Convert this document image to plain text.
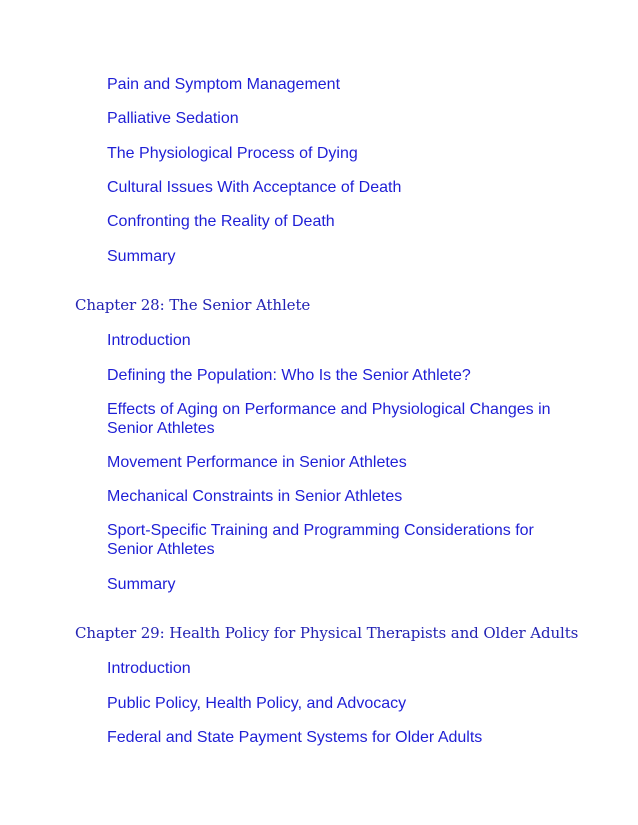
Pain and Symptom Management
Palliative Sedation
The Physiological Process of Dying
Cultural Issues With Acceptance of Death
Confronting the Reality of Death
Summary
Chapter 28: The Senior Athlete
Introduction
Defining the Population: Who Is the Senior Athlete?
Effects of Aging on Performance and Physiological Changes in Senior Athletes
Movement Performance in Senior Athletes
Mechanical Constraints in Senior Athletes
Sport-Specific Training and Programming Considerations for Senior Athletes
Summary
Chapter 29: Health Policy for Physical Therapists and Older Adults
Introduction
Public Policy, Health Policy, and Advocacy
Federal and State Payment Systems for Older Adults
